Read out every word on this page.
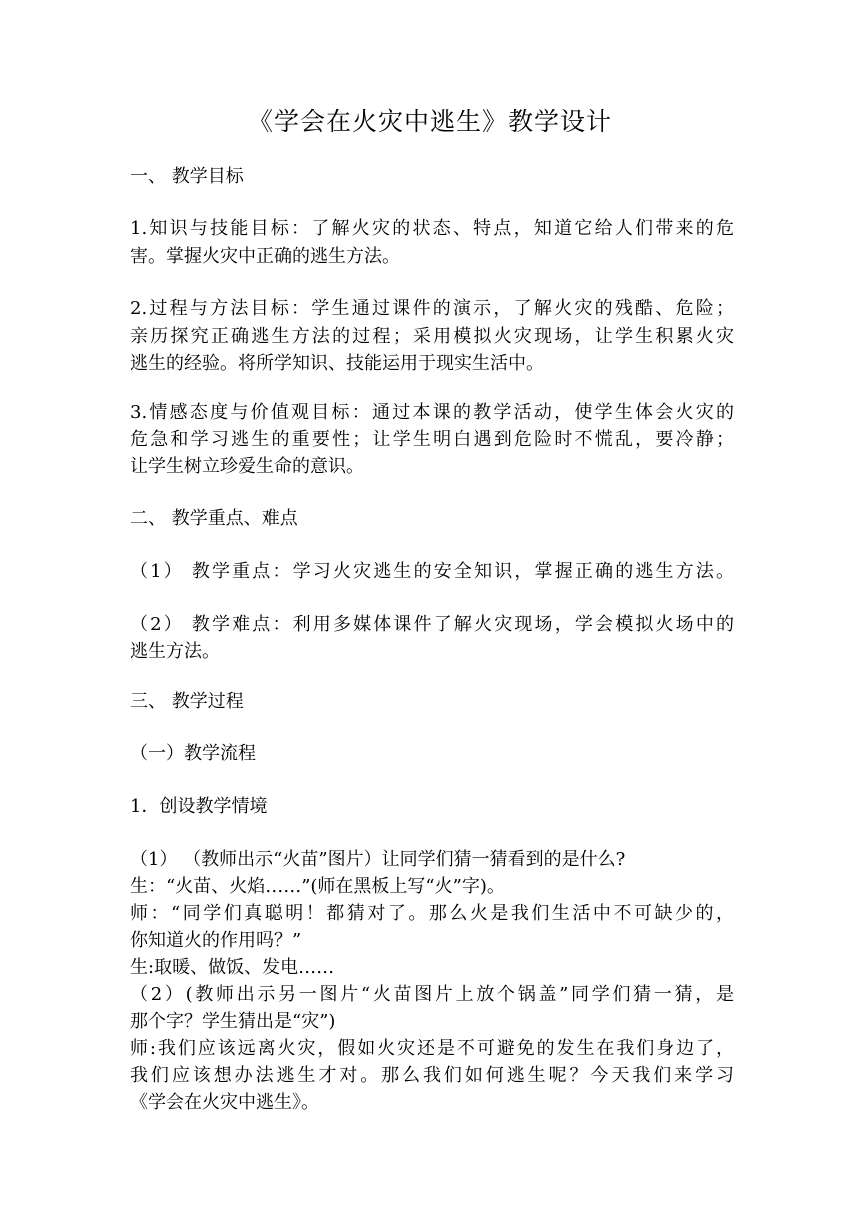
《学会在火灾中逃生》教学设计
一、 教学目标
1.知识与技能目标：了解火灾的状态、特点，知道它给人们带来的危
害。掌握火灾中正确的逃生方法。
2.过程与方法目标：学生通过课件的演示，了解火灾的残酷、危险；
亲历探究正确逃生方法的过程；采用模拟火灾现场，让学生积累火灾
逃生的经验。将所学知识、技能运用于现实生活中。
3.情感态度与价值观目标：通过本课的教学活动，使学生体会火灾的
危急和学习逃生的重要性；让学生明白遇到危险时不慌乱，要冷静；
让学生树立珍爱生命的意识。
二、 教学重点、难点
（1） 教学重点：学习火灾逃生的安全知识，掌握正确的逃生方法。
（2） 教学难点：利用多媒体课件了解火灾现场，学会模拟火场中的
逃生方法。
三、 教学过程
（一）教学流程
1．创设教学情境
（1） （教师出示“火苗”图片）让同学们猜一猜看到的是什么?
生：“火苗、火焰……”(师在黑板上写“火”字)。
师：“同学们真聪明！都猜对了。那么火是我们生活中不可缺少的，
你知道火的作用吗？”
生:取暖、做饭、发电……
（2）(教师出示另一图片“火苗图片上放个锅盖”同学们猜一猜，是
那个字？学生猜出是“灾”)
师:我们应该远离火灾，假如火灾还是不可避免的发生在我们身边了，
我们应该想办法逃生才对。那么我们如何逃生呢？今天我们来学习
《学会在火灾中逃生》。
